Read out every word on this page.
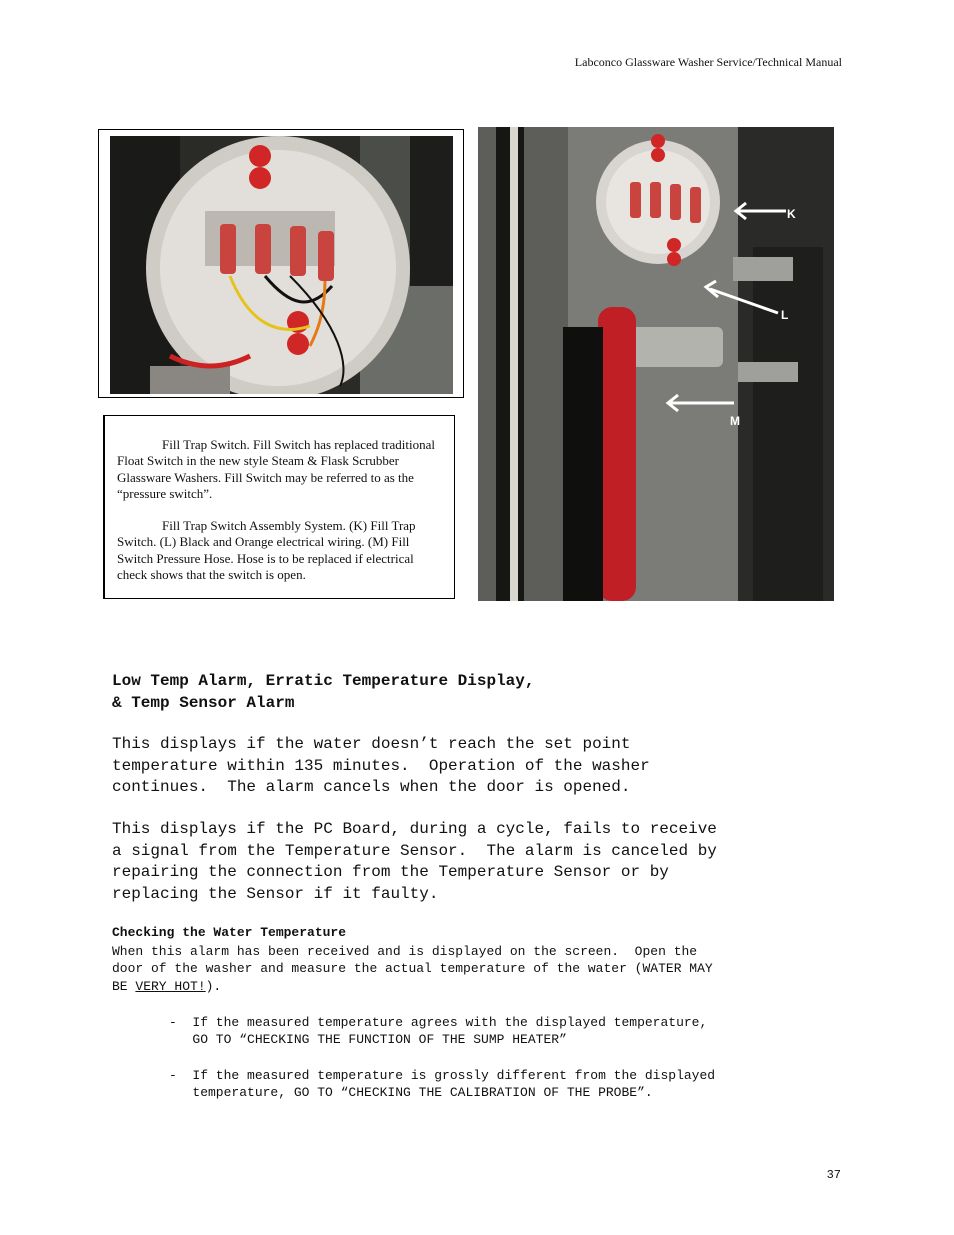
Labconco Glassware Washer Service/Technical Manual
K
L
M

Fill Trap Switch. Fill Switch has replaced traditional Float Switch in the new style Steam & Flask Scrubber Glassware Washers. Fill Switch may be referred to as the “pressure switch”.

Fill Trap Switch Assembly System. (K) Fill Trap Switch. (L) Black and Orange electrical wiring. (M) Fill Switch Pressure Hose. Hose is to be replaced if electrical check shows that the switch is open.

Low Temp Alarm, Erratic Temperature Display,
& Temp Sensor Alarm
This displays if the water doesn’t reach the set point
temperature within 135 minutes.  Operation of the washer
continues.  The alarm cancels when the door is opened.
This displays if the PC Board, during a cycle, fails to receive
a signal from the Temperature Sensor.  The alarm is canceled by
repairing the connection from the Temperature Sensor or by
replacing the Sensor if it faulty.
Checking the Water Temperature
When this alarm has been received and is displayed on the screen.  Open the
door of the washer and measure the actual temperature of the water (WATER MAY
BE VERY HOT!).
-  If the measured temperature agrees with the displayed temperature,
GO TO “CHECKING THE FUNCTION OF THE SUMP HEATER”
-  If the measured temperature is grossly different from the displayed
temperature, GO TO “CHECKING THE CALIBRATION OF THE PROBE”.
37
